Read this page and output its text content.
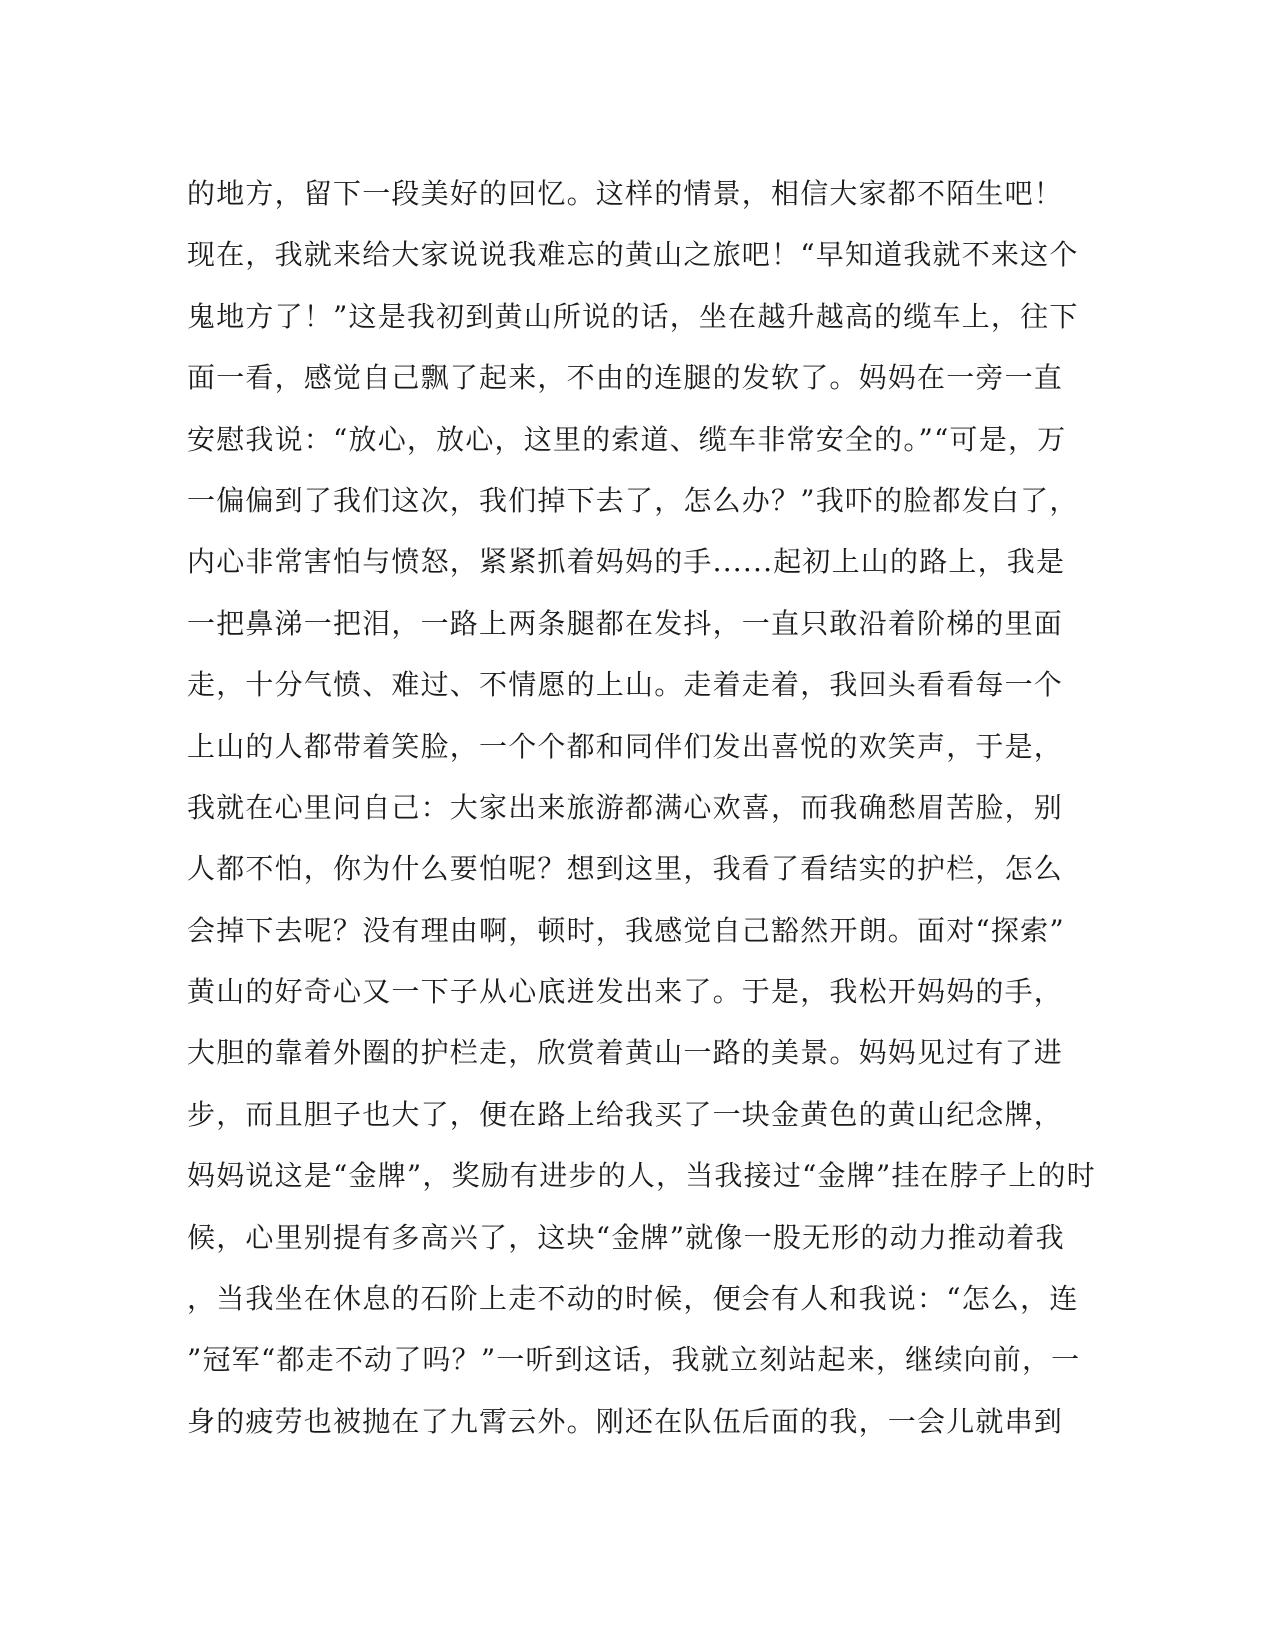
的地方，留下一段美好的回忆。这样的情景，相信大家都不陌生吧！
现在，我就来给大家说说我难忘的黄山之旅吧！“早知道我就不来这个
鬼地方了！”这是我初到黄山所说的话，坐在越升越高的缆车上，往下
面一看，感觉自己飘了起来，不由的连腿的发软了。妈妈在一旁一直
安慰我说：“放心，放心，这里的索道、缆车非常安全的。”“可是，万
一偏偏到了我们这次，我们掉下去了，怎么办？”我吓的脸都发白了，
内心非常害怕与愤怒，紧紧抓着妈妈的手......起初上山的路上，我是
一把鼻涕一把泪，一路上两条腿都在发抖，一直只敢沿着阶梯的里面
走，十分气愤、难过、不情愿的上山。走着走着，我回头看看每一个
上山的人都带着笑脸，一个个都和同伴们发出喜悦的欢笑声，于是，
我就在心里问自己：大家出来旅游都满心欢喜，而我确愁眉苦脸，别
人都不怕，你为什么要怕呢？想到这里，我看了看结实的护栏，怎么
会掉下去呢？没有理由啊，顿时，我感觉自己豁然开朗。面对“探索”
黄山的好奇心又一下子从心底迸发出来了。于是，我松开妈妈的手，
大胆的靠着外圈的护栏走，欣赏着黄山一路的美景。妈妈见过有了进
步，而且胆子也大了，便在路上给我买了一块金黄色的黄山纪念牌，
妈妈说这是“金牌”，奖励有进步的人，当我接过“金牌”挂在脖子上的时
候，心里别提有多高兴了，这块“金牌”就像一股无形的动力推动着我
，当我坐在休息的石阶上走不动的时候，便会有人和我说：“怎么，连
”冠军“都走不动了吗？”一听到这话，我就立刻站起来，继续向前，一
身的疲劳也被抛在了九霄云外。刚还在队伍后面的我，一会儿就串到
